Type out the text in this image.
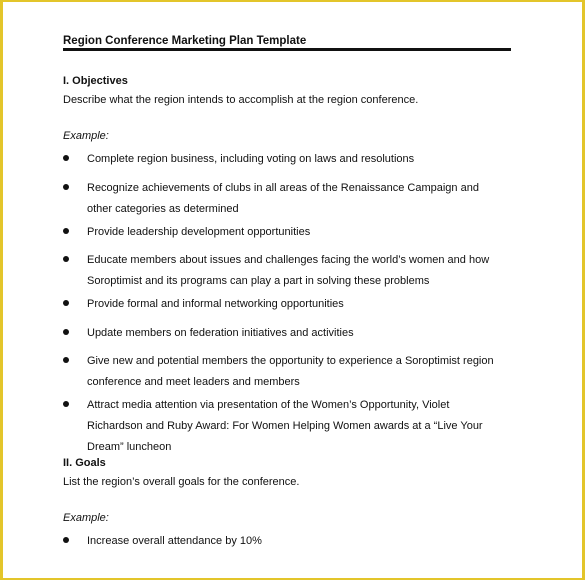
Region Conference Marketing Plan Template
I. Objectives
Describe what the region intends to accomplish at the region conference.
Example:
Complete region business, including voting on laws and resolutions
Recognize achievements of clubs in all areas of the Renaissance Campaign and other categories as determined
Provide leadership development opportunities
Educate members about issues and challenges facing the world’s women and how Soroptimist and its programs can play a part in solving these problems
Provide formal and informal networking opportunities
Update members on federation initiatives and activities
Give new and potential members the opportunity to experience a Soroptimist region conference and meet leaders and members
Attract media attention via presentation of the Women’s Opportunity, Violet Richardson and Ruby Award: For Women Helping Women awards at a “Live Your Dream” luncheon
II. Goals
List the region’s overall goals for the conference.
Example:
Increase overall attendance by 10%
